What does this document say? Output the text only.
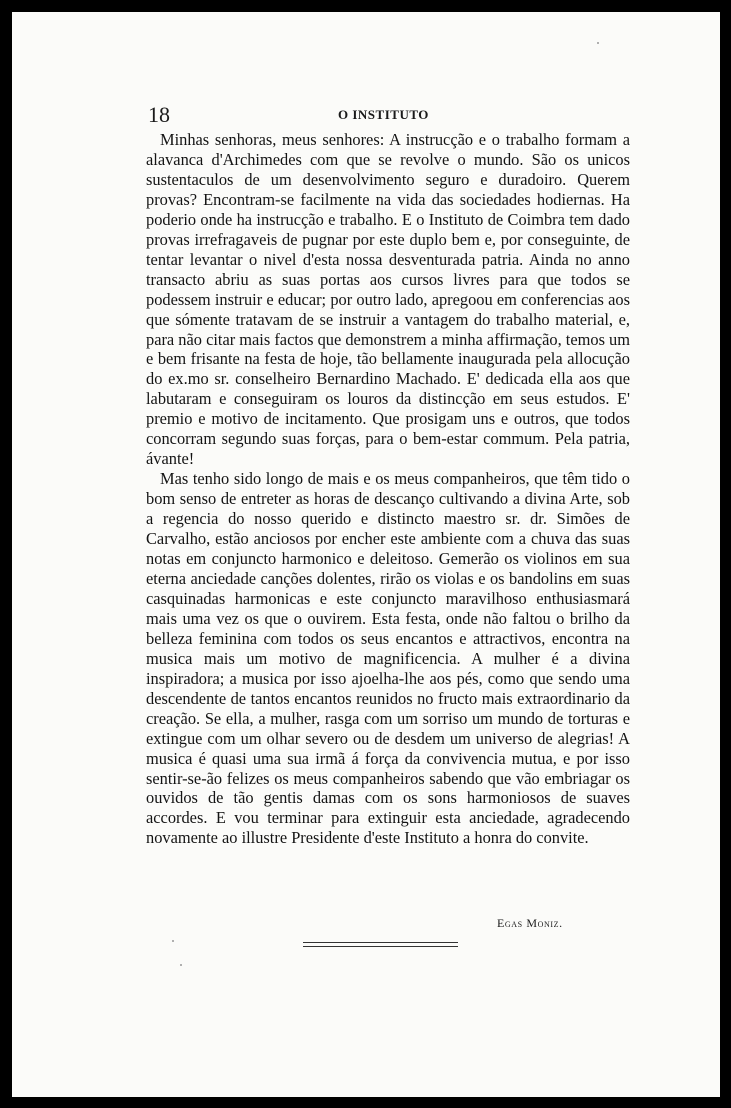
18	O INSTITUTO

Minhas senhoras, meus senhores: A instrucção e o trabalho formam a alavanca d'Archimedes com que se revolve o mundo. São os unicos sustentaculos de um desenvolvimento seguro e duradoiro. Querem provas? Encontram-se facilmente na vida das sociedades hodiernas. Ha poderio onde ha instrucção e trabalho. E o Instituto de Coimbra tem dado provas irrefragaveis de pugnar por este duplo bem e, por conseguinte, de tentar levantar o nivel d'esta nossa desventurada patria. Ainda no anno transacto abriu as suas portas aos cursos livres para que todos se podessem instruir e educar; por outro lado, apregoou em conferencias aos que sómente tratavam de se instruir a vantagem do trabalho material, e, para não citar mais factos que demonstrem a minha affirmação, temos um e bem frisante na festa de hoje, tão bellamente inaugurada pela allocução do ex.mo sr. conselheiro Bernardino Machado. E' dedicada ella aos que labutaram e conseguiram os louros da distincção em seus estudos. E' premio e motivo de incitamento. Que prosigam uns e outros, que todos concorram segundo suas forças, para o bem-estar commum. Pela patria, ávante!

Mas tenho sido longo de mais e os meus companheiros, que têm tido o bom senso de entreter as horas de descanço cultivando a divina Arte, sob a regencia do nosso querido e distincto maestro sr. dr. Simões de Carvalho, estão anciosos por encher este ambiente com a chuva das suas notas em conjuncto harmonico e deleitoso. Gemerão os violinos em sua eterna anciedade canções dolentes, rirão os violas e os bandolins em suas casquinadas harmonicas e este conjuncto maravilhoso enthusiasmará mais uma vez os que o ouvirem. Esta festa, onde não faltou o brilho da belleza feminina com todos os seus encantos e attractivos, encontra na musica mais um motivo de magnificencia. A mulher é a divina inspiradora; a musica por isso ajoelha-lhe aos pés, como que sendo uma descendente de tantos encantos reunidos no fructo mais extraordinario da creação. Se ella, a mulher, rasga com um sorriso um mundo de torturas e extingue com um olhar severo ou de desdem um universo de alegrias! A musica é quasi uma sua irmã á força da convivencia mutua, e por isso sentir-se-ão felizes os meus companheiros sabendo que vão embriagar os ouvidos de tão gentis damas com os sons harmoniosos de suaves accordes. E vou terminar para extinguir esta anciedade, agradecendo novamente ao illustre Presidente d'este Instituto a honra do convite.

Egas Moniz.
